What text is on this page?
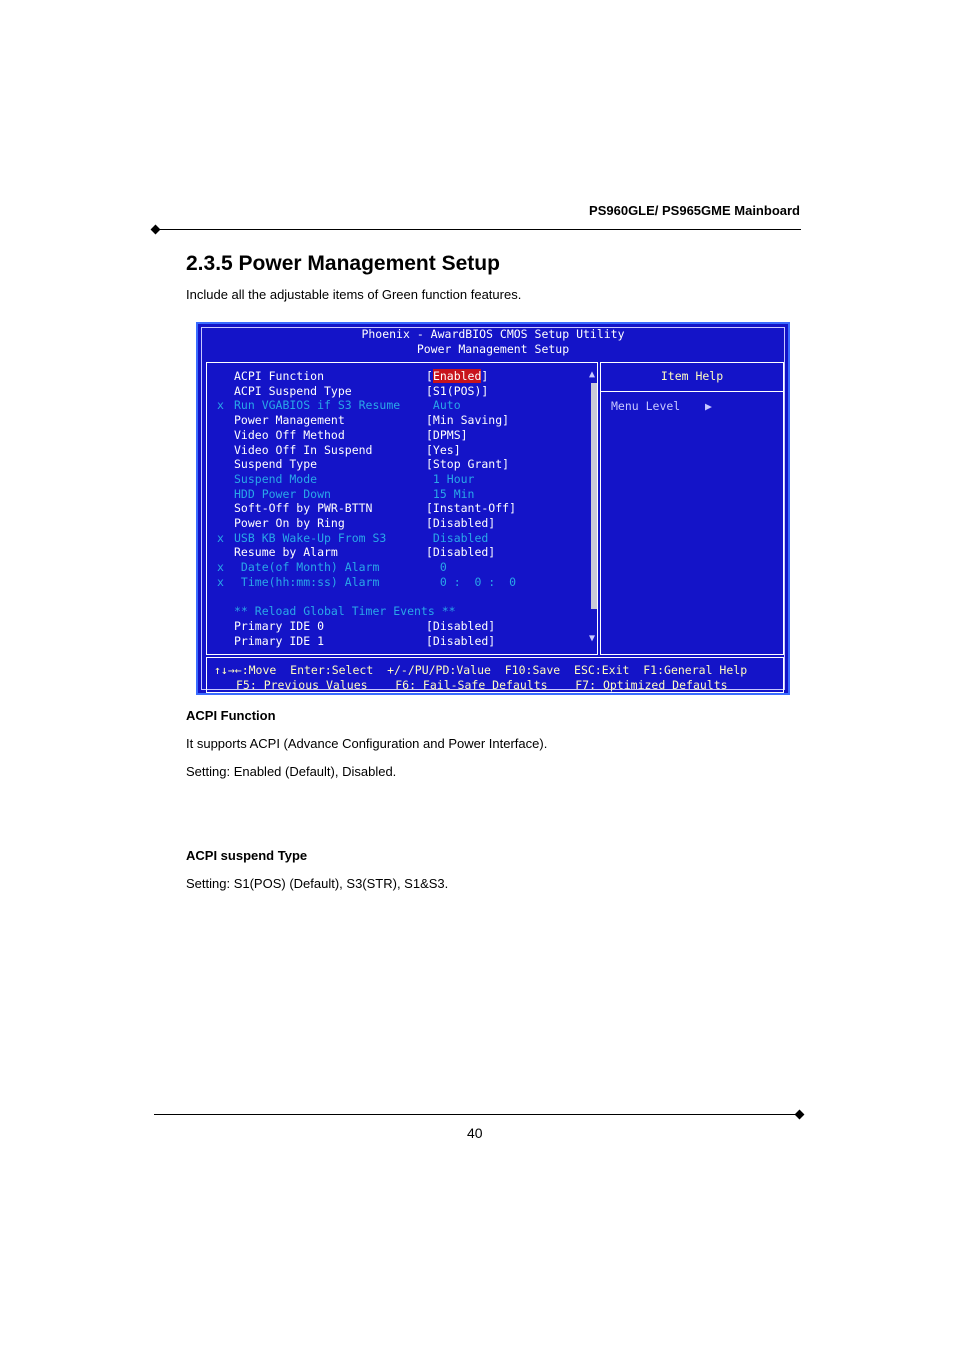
PS960GLE/ PS965GME Mainboard
2.3.5 Power Management Setup
Include all the adjustable items of Green function features.
Phoenix - AwardBIOS CMOS Setup Utility
Power Management Setup
ACPI Function	[Enabled]
ACPI Suspend Type	[S1(POS)]
x Run VGABIOS if S3 Resume Auto
Power Management	[Min Saving]
Video Off Method	[DPMS]
Video Off In Suspend	[Yes]
Suspend Type	[Stop Grant]
Suspend Mode	1 Hour
HDD Power Down	15 Min
Soft-Off by PWR-BTTN	[Instant-Off]
Power On by Ring	[Disabled]
x USB KB Wake-Up From S3	Disabled
Resume by Alarm	[Disabled]
x Date(of Month) Alarm	0
x Time(hh:mm:ss) Alarm	0 :  0 :  0
** Reload Global Timer Events **
Primary IDE 0	[Disabled]
Primary IDE 1	[Disabled]
▲
▼
Item Help
Menu Level ▶
↑↓→←:Move  Enter:Select  +/-/PU/PD:Value  F10:Save  ESC:Exit  F1:General Help
F5: Previous Values    F6: Fail-Safe Defaults    F7: Optimized Defaults
ACPI Function
It supports ACPI (Advance Configuration and Power Interface).
Setting: Enabled (Default), Disabled.
ACPI suspend Type
Setting: S1(POS) (Default), S3(STR), S1&S3.
40
